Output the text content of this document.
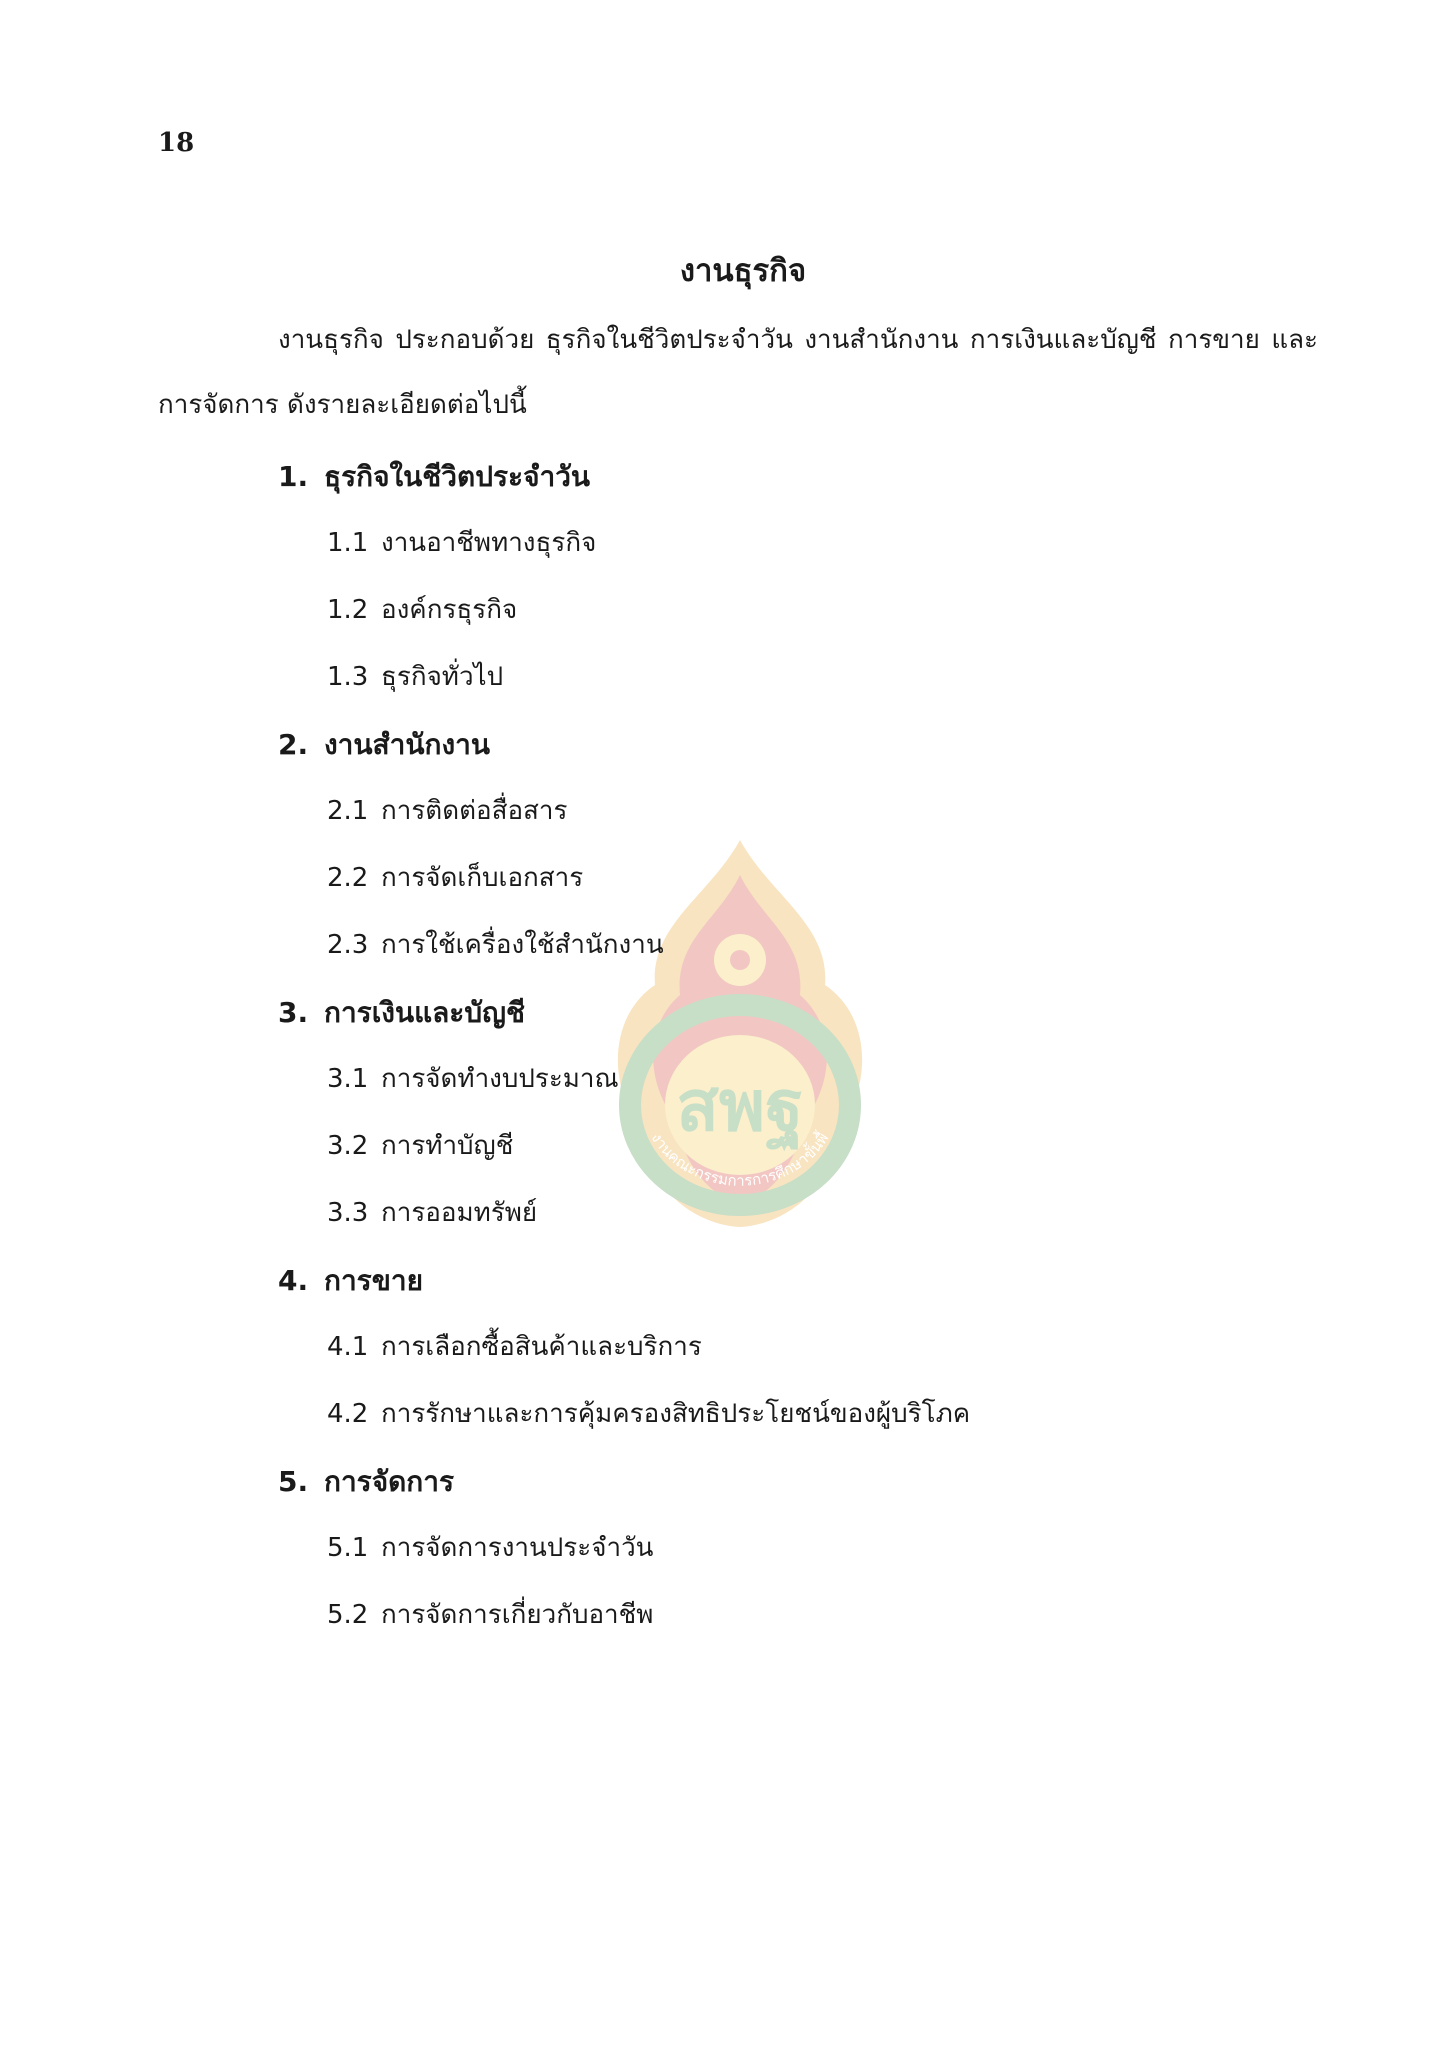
18
งานธุรกิจ
งานธุรกิจ ประกอบด้วย ธุรกิจในชีวิตประจำวัน งานสำนักงาน การเงินและบัญชี การขาย และการจัดการ ดังรายละเอียดต่อไปนี้
สพฐ
งานคณะกรรมการการศึกษาขั้นพื้
1. ธุรกิจในชีวิตประจำวัน
1.1 งานอาชีพทางธุรกิจ
1.2 องค์กรธุรกิจ
1.3 ธุรกิจทั่วไป
2. งานสำนักงาน
2.1 การติดต่อสื่อสาร
2.2 การจัดเก็บเอกสาร
2.3 การใช้เครื่องใช้สำนักงาน
3. การเงินและบัญชี
3.1 การจัดทำงบประมาณ
3.2 การทำบัญชี
3.3 การออมทรัพย์
4. การขาย
4.1 การเลือกซื้อสินค้าและบริการ
4.2 การรักษาและการคุ้มครองสิทธิประโยชน์ของผู้บริโภค
5. การจัดการ
5.1 การจัดการงานประจำวัน
5.2 การจัดการเกี่ยวกับอาชีพ
